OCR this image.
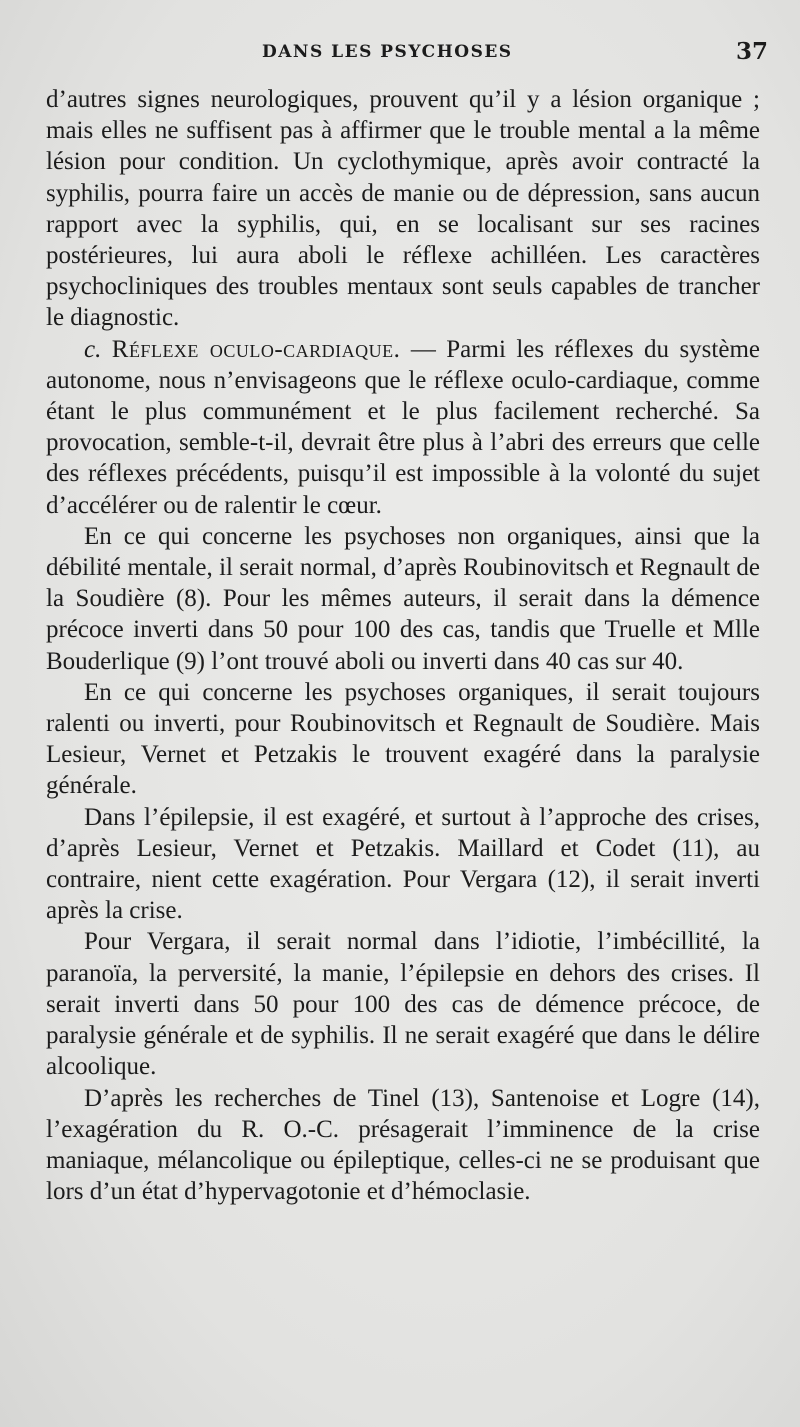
DANS LES PSYCHOSES	37

d’autres signes neurologiques, prouvent qu’il y a lésion organique ; mais elles ne suffisent pas à affirmer que le trouble mental a la même lésion pour condition. Un cyclothymique, après avoir contracté la syphilis, pourra faire un accès de manie ou de dépression, sans aucun rapport avec la syphilis, qui, en se localisant sur ses racines postérieures, lui aura aboli le réflexe achilléen. Les caractères psychocliniques des troubles mentaux sont seuls capables de trancher le diagnostic.

c. Réflexe oculo-cardiaque. — Parmi les réflexes du système autonome, nous n’envisageons que le réflexe oculo-cardiaque, comme étant le plus communément et le plus facilement recherché. Sa provocation, semble-t-il, devrait être plus à l’abri des erreurs que celle des réflexes précédents, puisqu’il est impossible à la volonté du sujet d’accélérer ou de ralentir le cœur.

En ce qui concerne les psychoses non organiques, ainsi que la débilité mentale, il serait normal, d’après Roubinovitsch et Regnault de la Soudière (8). Pour les mêmes auteurs, il serait dans la démence précoce inverti dans 50 pour 100 des cas, tandis que Truelle et Mlle Bouderlique (9) l’ont trouvé aboli ou inverti dans 40 cas sur 40.

En ce qui concerne les psychoses organiques, il serait toujours ralenti ou inverti, pour Roubinovitsch et Regnault de Soudière. Mais Lesieur, Vernet et Petzakis le trouvent exagéré dans la paralysie générale.

Dans l’épilepsie, il est exagéré, et surtout à l’approche des crises, d’après Lesieur, Vernet et Petzakis. Maillard et Codet (11), au contraire, nient cette exagération. Pour Vergara (12), il serait inverti après la crise.

Pour Vergara, il serait normal dans l’idiotie, l’imbécillité, la paranoïa, la perversité, la manie, l’épilepsie en dehors des crises. Il serait inverti dans 50 pour 100 des cas de démence précoce, de paralysie générale et de syphilis. Il ne serait exagéré que dans le délire alcoolique.

D’après les recherches de Tinel (13), Santenoise et Logre (14), l’exagération du R. O.-C. présagerait l’imminence de la crise maniaque, mélancolique ou épileptique, celles-ci ne se produisant que lors d’un état d’hypervagotonie et d’hémoclasie.
